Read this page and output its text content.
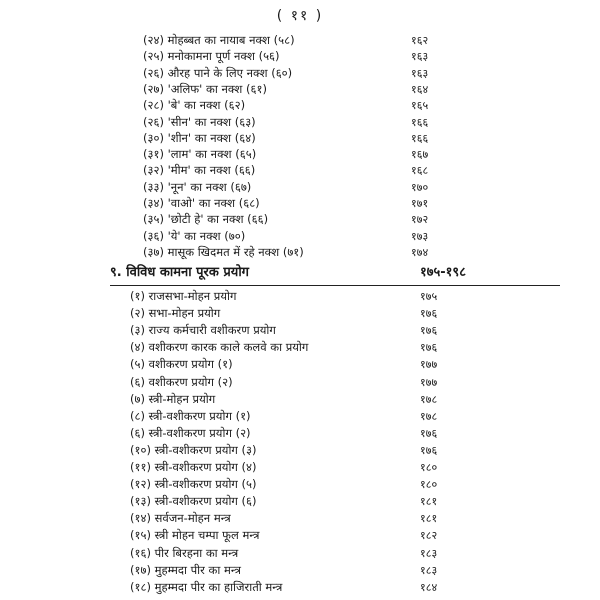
( ११ )
(२४) मोहब्बत का नायाब नक्श (५८)	१६२
(२५) मनोकामना पूर्ण नक्श (५६)	१६३
(२६) औरह पाने के लिए नक्श (६०)	१६३
(२७) 'अलिफ' का नक्श (६१)	१६४
(२८) 'बे' का नक्श (६२)	१६५
(२६) 'सीन' का नक्श (६३)	१६६
(३०) 'शीन' का नक्श (६४)	१६६
(३१) 'लाम' का नक्श (६५)	१६७
(३२) 'मीम' का नक्श (६६)	१६८
(३३) 'नून' का नक्श (६७)	१७०
(३४) 'वाओ' का नक्श (६८)	१७१
(३५) 'छोटी हे' का नक्श (६६)	१७२
(३६) 'ये' का नक्श (७०)	१७३
(३७) मासूक खिदमत में रहे नक्श (७१)	१७४
९. विविध कामना पूरक प्रयोग	१७५-१९८
(१) राजसभा-मोहन प्रयोग	१७५
(२) सभा-मोहन प्रयोग	१७६
(३) राज्य कर्मचारी वशीकरण प्रयोग	१७६
(४) वशीकरण कारक काले कलवे का प्रयोग	१७६
(५) वशीकरण प्रयोग (१)	१७७
(६) वशीकरण प्रयोग (२)	१७७
(७) स्त्री-मोहन प्रयोग	१७८
(८) स्त्री-वशीकरण प्रयोग (१)	१७८
(६) स्त्री-वशीकरण प्रयोग (२)	१७६
(१०) स्त्री-वशीकरण प्रयोग (३)	१७६
(११) स्त्री-वशीकरण प्रयोग (४)	१८०
(१२) स्त्री-वशीकरण प्रयोग (५)	१८०
(१३) स्त्री-वशीकरण प्रयोग (६)	१८१
(१४) सर्वजन-मोहन मन्त्र	१८१
(१५) स्त्री मोहन चम्पा फूल मन्त्र	१८२
(१६) पीर बिरहना का मन्त्र	१८३
(१७) मुहम्मदा पीर का मन्त्र	१८३
(१८) मुहम्मदा पीर का हाजिराती मन्त्र	१८४
